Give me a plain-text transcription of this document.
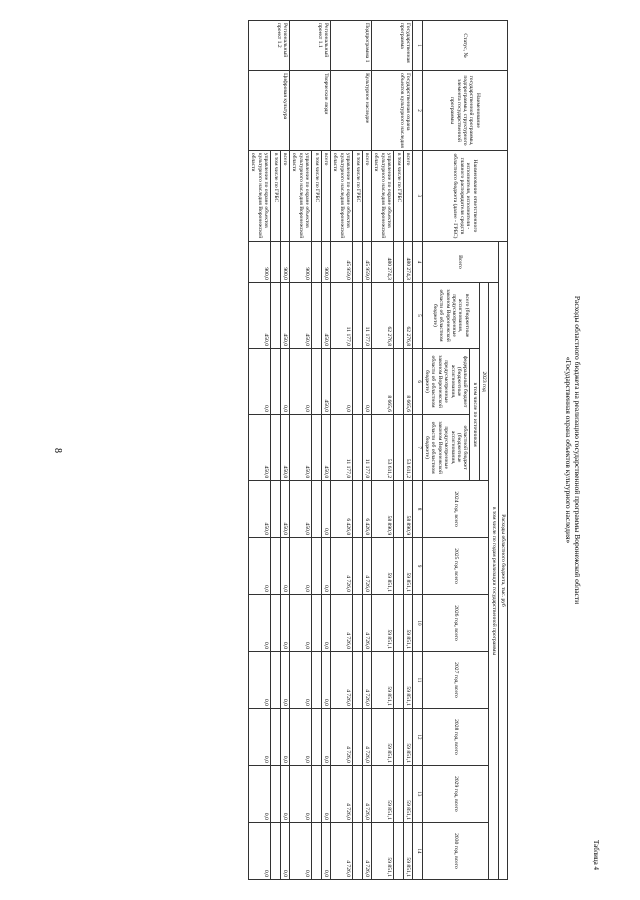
8
Таблица 4
Расходы областного бюджета на реализацию государственной программы Воронежской области
«Государственная охрана объектов культурного наследия»
Статус, №	Наименование государственной программы, подпрограммы, структурного элемента государственной программы	Наименование ответственного исполнителя, исполнителя - главного распорядителя средств областного бюджета (далее - ГРБС)	Расходы областного бюджета, тыс. руб										
			Всего	в том числе по годам реализации государственной программы									
				2023 год			2024 год, всего	2025 год, всего	2026 год, всего	2027 год, всего	2028 год, всего	2029 год, всего	2030 год, всего
				всего (бюджетные ассигнования, предусмотренные законом Воронежской области об областном бюджете)	в том числе по источникам								
					федеральный бюджет (бюджетные ассигнования, предусмотренные законом Воронежской области об областном бюджете)	областной бюджет (бюджетные ассигнования, предусмотренные законом Воронежской области об областном бюджете)							
1	2	3	4	5	6	7	8	9	10	11	12	13	14
Государственная программа	Государственная охрана объектов культурного наследия	всего	480 274,3	62 276,8	8 665,6	53 611,2	58 890,9	59 851,1	59 851,1	59 851,1	59 851,1	59 851,1	59 851,1
		в том числе по ГРБС											
		управление по охране объектов культурного наследия Воронежской области	480 274,3	62 276,8	8 665,6	53 611,2	58 890,9	59 851,1	59 851,1	59 851,1	59 851,1	59 851,1	59 851,1
Подпрограмма 1	Культурное наследие	всего	45 959,0	11 177,0	0,0	11 177,0	6 426,0	4 726,0	4 726,0	4 726,0	4 726,0	4 726,0	4 726,0
		в том числе по ГРБС											
		управление по охране объектов культурного наследия Воронежской области	45 959,0	11 177,0	0,0	11 177,0	6 426,0	4 726,0	4 726,0	4 726,0	4 726,0	4 726,0	4 726,0
Региональный проект 1.1	Творческие люди	всего	900,0	450,0	450,0	450,0	0,0	0,0	0,0	0,0	0,0	0,0	0,0
		в том числе по ГРБС											
		управление по охране объектов культурного наследия Воронежской области	900,0	450,0	0,0	450,0	450,0	0,0	0,0	0,0	0,0	0,0	0,0
Региональный проект 1.2	Цифровая культура	всего	900,0	450,0	0,0	450,0	450,0	0,0	0,0	0,0	0,0	0,0	0,0
		в том числе по ГРБС											
		управление по охране объектов культурного наследия Воронежской области	900,0	450,0	0,0	450,0	450,0	0,0	0,0	0,0	0,0	0,0	0,0
